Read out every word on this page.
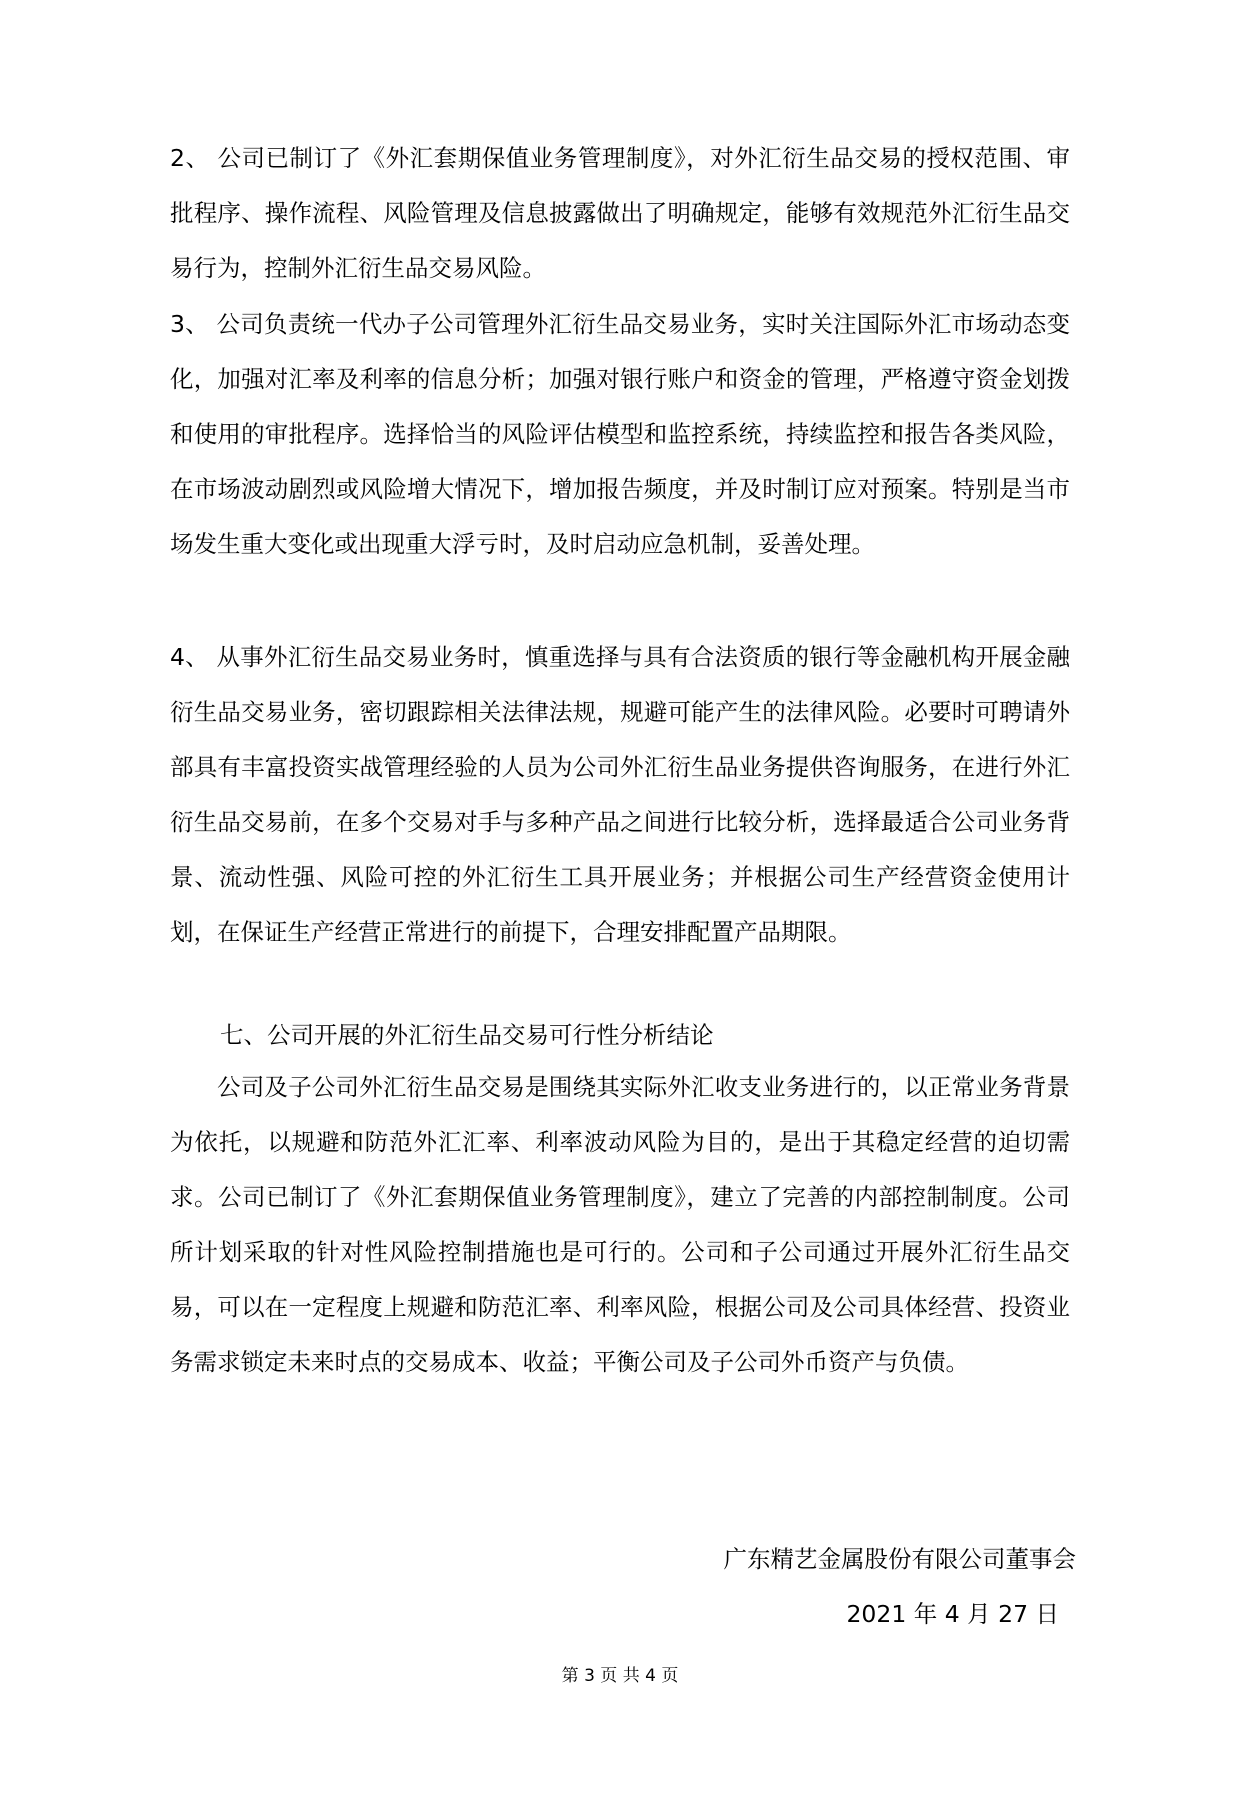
2、 公司已制订了《外汇套期保值业务管理制度》，对外汇衍生品交易的授权范围、审批程序、操作流程、风险管理及信息披露做出了明确规定，能够有效规范外汇衍生品交易行为，控制外汇衍生品交易风险。

3、 公司负责统一代办子公司管理外汇衍生品交易业务，实时关注国际外汇市场动态变化，加强对汇率及利率的信息分析；加强对银行账户和资金的管理，严格遵守资金划拨和使用的审批程序。选择恰当的风险评估模型和监控系统，持续监控和报告各类风险，在市场波动剧烈或风险增大情况下，增加报告频度，并及时制订应对预案。特别是当市场发生重大变化或出现重大浮亏时，及时启动应急机制，妥善处理。

4、 从事外汇衍生品交易业务时，慎重选择与具有合法资质的银行等金融机构开展金融衍生品交易业务，密切跟踪相关法律法规，规避可能产生的法律风险。必要时可聘请外部具有丰富投资实战管理经验的人员为公司外汇衍生品业务提供咨询服务，在进行外汇衍生品交易前，在多个交易对手与多种产品之间进行比较分析，选择最适合公司业务背景、流动性强、风险可控的外汇衍生工具开展业务；并根据公司生产经营资金使用计划，在保证生产经营正常进行的前提下，合理安排配置产品期限。

七、公司开展的外汇衍生品交易可行性分析结论

公司及子公司外汇衍生品交易是围绕其实际外汇收支业务进行的，以正常业务背景为依托，以规避和防范外汇汇率、利率波动风险为目的，是出于其稳定经营的迫切需求。公司已制订了《外汇套期保值业务管理制度》，建立了完善的内部控制制度。公司所计划采取的针对性风险控制措施也是可行的。公司和子公司通过开展外汇衍生品交易，可以在一定程度上规避和防范汇率、利率风险，根据公司及公司具体经营、投资业务需求锁定未来时点的交易成本、收益；平衡公司及子公司外币资产与负债。

广东精艺金属股份有限公司董事会

2021 年 4 月 27 日

第 3 页 共 4 页
